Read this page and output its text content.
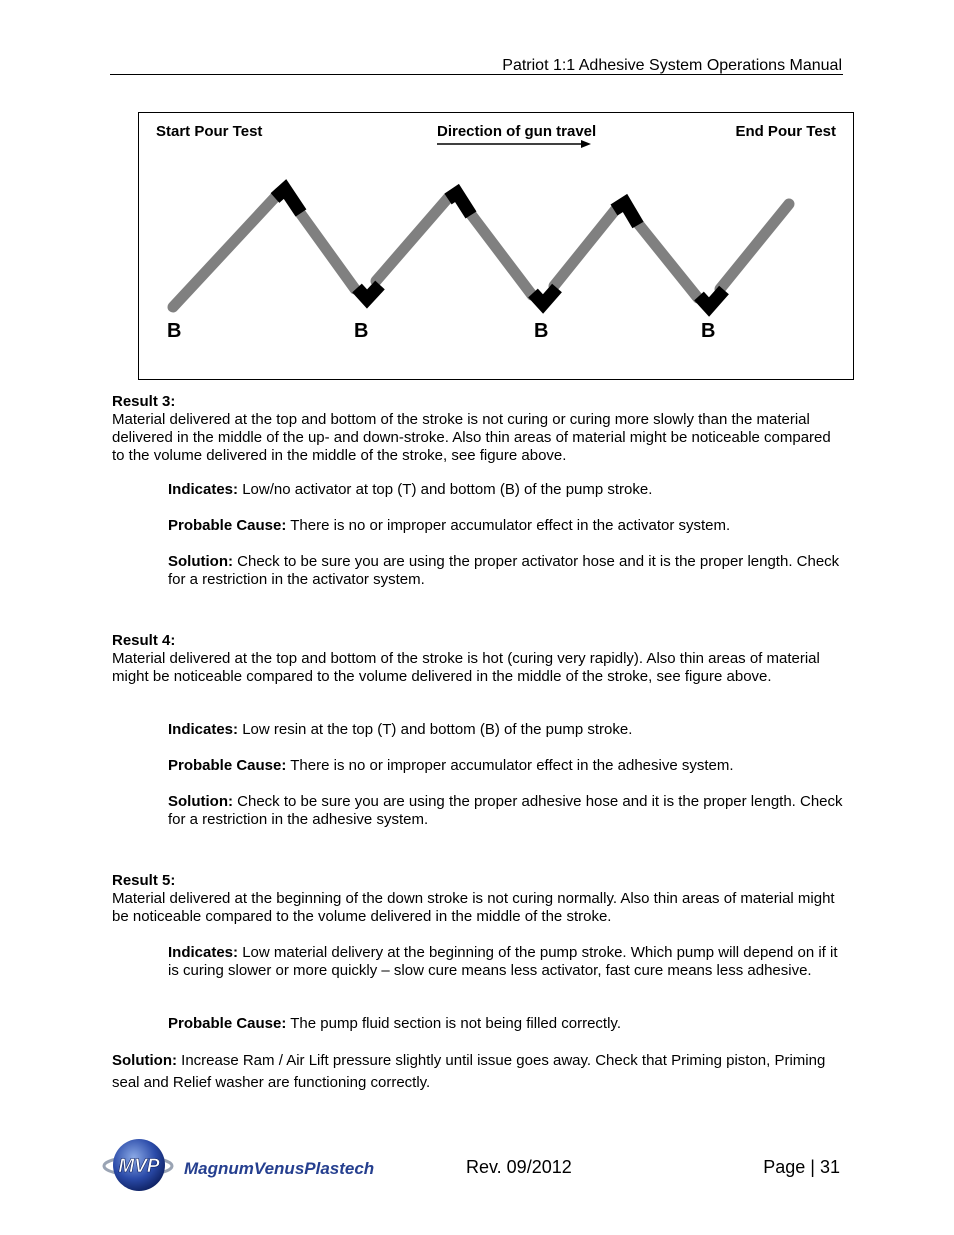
Patriot 1:1 Adhesive System Operations Manual
Start Pour Test	Direction of gun travel	End Pour Test
B	B	B	B
Result 3:
Material delivered at the top and bottom of the stroke is not curing or curing more slowly than the material delivered in the middle of the up- and down-stroke. Also thin areas of material might be noticeable compared to the volume delivered in the middle of the stroke, see figure above.
Indicates: Low/no activator at top (T) and bottom (B) of the pump stroke.
Probable Cause: There is no or improper accumulator effect in the activator system.
Solution: Check to be sure you are using the proper activator hose and it is the proper length. Check for a restriction in the activator system.
Result 4:
Material delivered at the top and bottom of the stroke is hot (curing very rapidly). Also thin areas of material might be noticeable compared to the volume delivered in the middle of the stroke, see figure above.
Indicates: Low resin at the top (T) and bottom (B) of the pump stroke.
Probable Cause: There is no or improper accumulator effect in the adhesive system.
Solution: Check to be sure you are using the proper adhesive hose and it is the proper length. Check for a restriction in the adhesive system.
Result 5:
Material delivered at the beginning of the down stroke is not curing normally. Also thin areas of material might be noticeable compared to the volume delivered in the middle of the stroke.
Indicates: Low material delivery at the beginning of the pump stroke. Which pump will depend on if it is curing slower or more quickly – slow cure means less activator, fast cure means less adhesive.
Probable Cause: The pump fluid section is not being filled correctly.
Solution: Increase Ram / Air Lift pressure slightly until issue goes away. Check that Priming piston, Priming seal and Relief washer are functioning correctly.
MVP MagnumVenusPlastech	Rev. 09/2012	Page | 31
